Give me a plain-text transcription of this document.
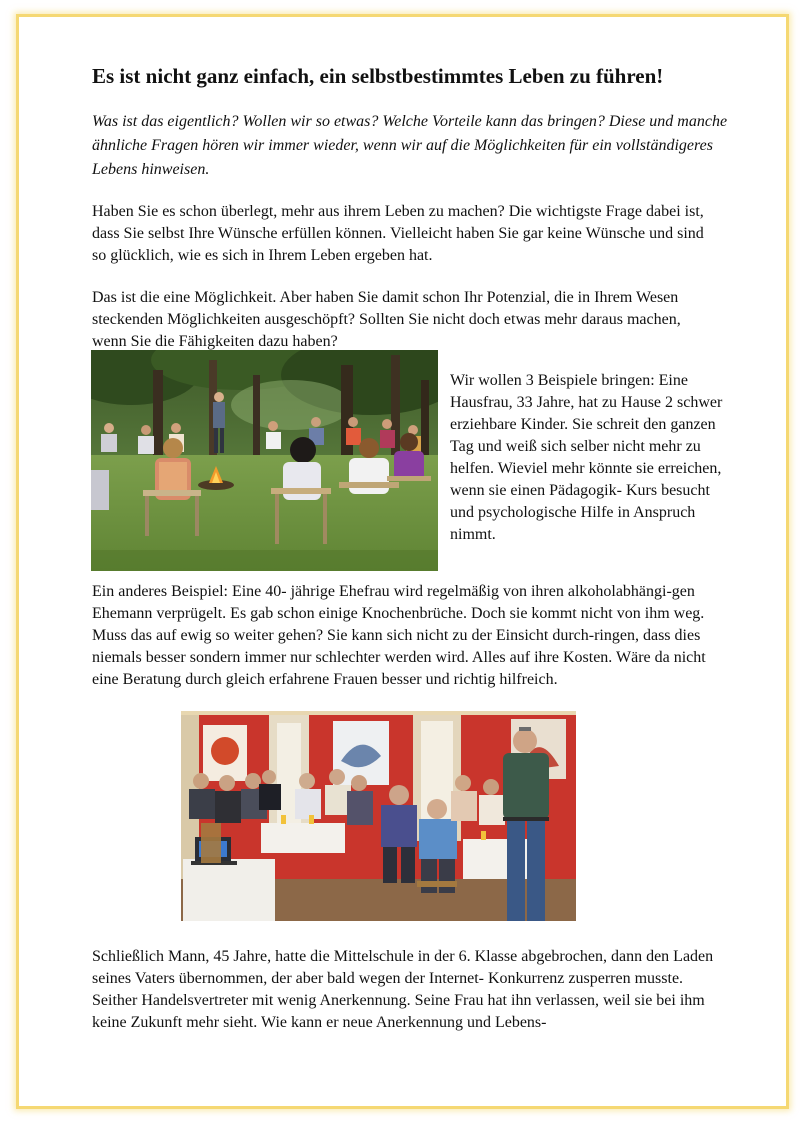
Es ist nicht ganz einfach, ein selbstbestimmtes Leben zu führen!

Was ist das eigentlich? Wollen wir so etwas? Welche Vorteile kann das bringen? Diese und manche ähnliche Fragen hören wir immer wieder, wenn wir auf die Möglichkeiten für ein vollständigeres Lebens hinweisen.

Haben Sie es schon überlegt, mehr aus ihrem Leben zu machen? Die wichtigste Frage dabei ist, dass Sie selbst Ihre Wünsche erfüllen können. Vielleicht haben Sie gar keine Wünsche und sind so glücklich, wie es sich in Ihrem Leben ergeben hat.

Das ist die eine Möglichkeit. Aber haben Sie damit schon Ihr Potenzial, die in Ihrem Wesen steckenden Möglichkeiten ausgeschöpft? Sollten Sie nicht doch etwas mehr daraus machen, wenn Sie die Fähigkeiten dazu haben?

Wir wollen 3 Beispiele bringen: Eine Hausfrau, 33 Jahre, hat zu Hause 2 schwer erziehbare Kinder. Sie schreit den ganzen Tag und weiß sich selber nicht mehr zu helfen. Wieviel mehr könnte sie erreichen, wenn sie einen Pädagogik- Kurs besucht und psychologische Hilfe in Anspruch nimmt.

Ein anderes Beispiel: Eine 40- jährige Ehefrau wird regelmäßig von ihren alkoholabhängi-gen Ehemann verprügelt. Es gab schon einige Knochenbrüche. Doch sie kommt nicht von ihm weg. Muss das auf ewig so weiter gehen? Sie kann sich nicht zu der Einsicht durch-ringen, dass dies niemals besser sondern immer nur schlechter werden wird. Alles auf ihre Kosten. Wäre da nicht eine Beratung durch gleich erfahrene Frauen besser und richtig hilfreich.

Schließlich Mann, 45 Jahre, hatte die Mittelschule in der 6. Klasse abgebrochen, dann den Laden seines Vaters übernommen, der aber bald wegen der Internet- Konkurrenz zusperren musste. Seither Handelsvertreter mit wenig Anerkennung. Seine Frau hat ihn verlassen, weil sie bei ihm keine Zukunft mehr sieht. Wie kann er neue Anerkennung und Lebens-
